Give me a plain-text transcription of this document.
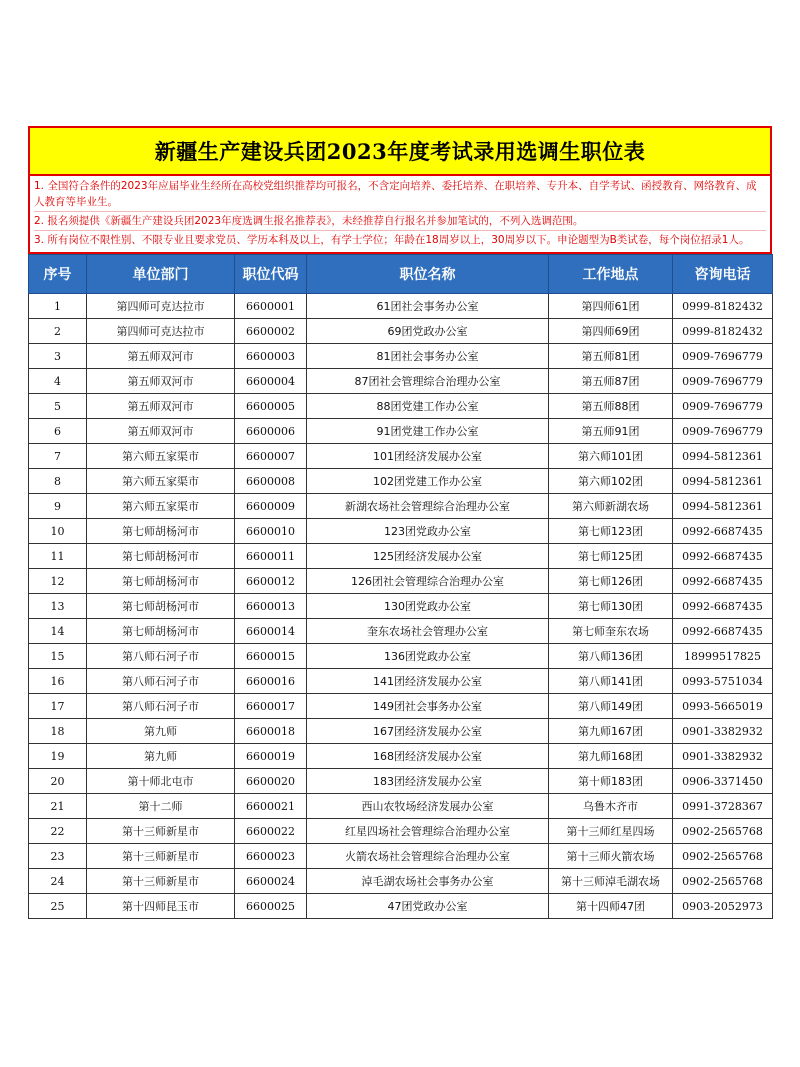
新疆生产建设兵团2023年度考试录用选调生职位表
1. 全国符合条件的2023年应届毕业生经所在高校党组织推荐均可报名，不含定向培养、委托培养、在职培养、专升本、自学考试、函授教育、网络教育、成人教育等毕业生。
2. 报名须提供《新疆生产建设兵团2023年度选调生报名推荐表》，未经推荐自行报名并参加笔试的，不列入选调范围。
3. 所有岗位不限性别、不限专业且要求党员、学历本科及以上，有学士学位；年龄在18周岁以上，30周岁以下。申论题型为B类试卷，每个岗位招录1人。
序号	单位部门	职位代码	职位名称	工作地点	咨询电话
1	第四师可克达拉市	6600001	61团社会事务办公室	第四师61团	0999-8182432
2	第四师可克达拉市	6600002	69团党政办公室	第四师69团	0999-8182432
3	第五师双河市	6600003	81团社会事务办公室	第五师81团	0909-7696779
4	第五师双河市	6600004	87团社会管理综合治理办公室	第五师87团	0909-7696779
5	第五师双河市	6600005	88团党建工作办公室	第五师88团	0909-7696779
6	第五师双河市	6600006	91团党建工作办公室	第五师91团	0909-7696779
7	第六师五家渠市	6600007	101团经济发展办公室	第六师101团	0994-5812361
8	第六师五家渠市	6600008	102团党建工作办公室	第六师102团	0994-5812361
9	第六师五家渠市	6600009	新湖农场社会管理综合治理办公室	第六师新湖农场	0994-5812361
10	第七师胡杨河市	6600010	123团党政办公室	第七师123团	0992-6687435
11	第七师胡杨河市	6600011	125团经济发展办公室	第七师125团	0992-6687435
12	第七师胡杨河市	6600012	126团社会管理综合治理办公室	第七师126团	0992-6687435
13	第七师胡杨河市	6600013	130团党政办公室	第七师130团	0992-6687435
14	第七师胡杨河市	6600014	奎东农场社会管理办公室	第七师奎东农场	0992-6687435
15	第八师石河子市	6600015	136团党政办公室	第八师136团	18999517825
16	第八师石河子市	6600016	141团经济发展办公室	第八师141团	0993-5751034
17	第八师石河子市	6600017	149团社会事务办公室	第八师149团	0993-5665019
18	第九师	6600018	167团经济发展办公室	第九师167团	0901-3382932
19	第九师	6600019	168团经济发展办公室	第九师168团	0901-3382932
20	第十师北屯市	6600020	183团经济发展办公室	第十师183团	0906-3371450
21	第十二师	6600021	西山农牧场经济发展办公室	乌鲁木齐市	0991-3728367
22	第十三师新星市	6600022	红星四场社会管理综合治理办公室	第十三师红星四场	0902-2565768
23	第十三师新星市	6600023	火箭农场社会管理综合治理办公室	第十三师火箭农场	0902-2565768
24	第十三师新星市	6600024	淖毛湖农场社会事务办公室	第十三师淖毛湖农场	0902-2565768
25	第十四师昆玉市	6600025	47团党政办公室	第十四师47团	0903-2052973
